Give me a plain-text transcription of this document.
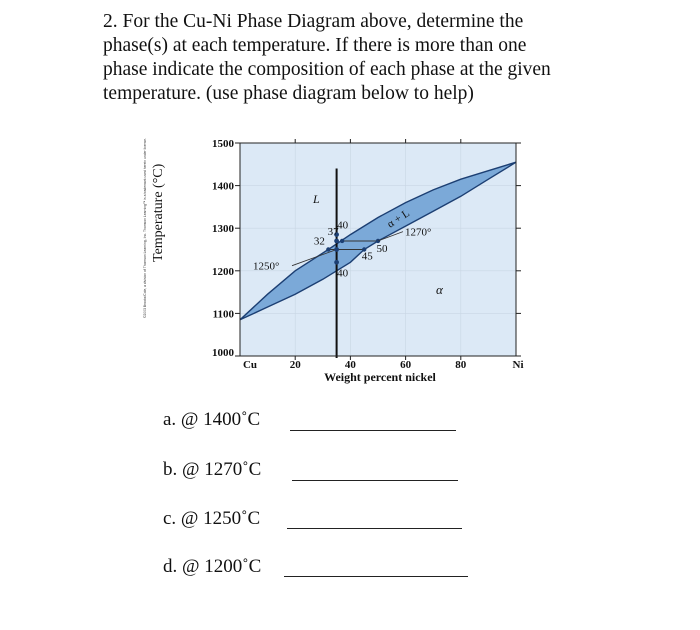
2. For the Cu-Ni Phase Diagram above, determine the

phase(s) at each temperature. If there is more than one

phase indicate the composition of each phase at the given

temperature. (use phase diagram below to help)

©2003 Brooks/Cole, a division of Thomson Learning, Inc. Thomson Learning™ is a trademark used herein under license. Temperature (°C)
1000
1100
1200
1300
1400
1500
20	40	60	80
Cu	Ni
1270°
1250°
40
37
32
50
45
40
Weight percent nickel
L
α + L
α
a. @ 1400˚C
b. @ 1270˚C
c. @ 1250˚C
d. @ 1200˚C
